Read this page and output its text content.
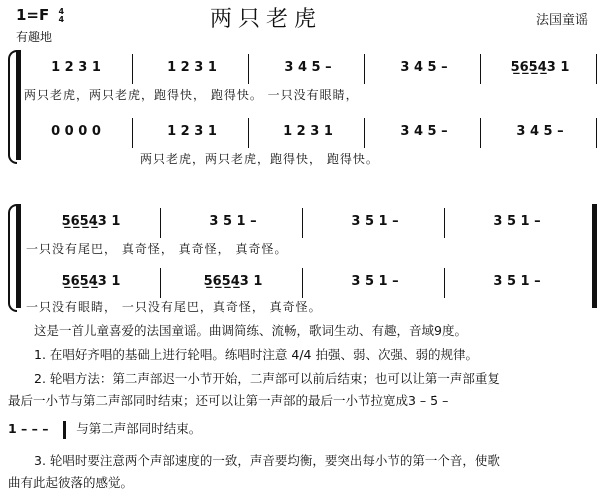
1=F 4
4	两只老虎	法国童谣
有趣地
1 2 3 1	1 2 3 1	3 4 5 –	3 4 5 –	5̲6̲5̲4̲3 1
两只老虎，两只老虎，跑得快， 跑得快。 一只没有眼睛，
0 0 0 0	1 2 3 1	1 2 3 1	3 4 5 –	3 4 5 –
两只老虎，两只老虎，跑得快， 跑得快。
5̲6̲5̲4̲3 1	3 5 1 –	3 5 1 –	3 5 1 –
一只没有尾巴， 真奇怪， 真奇怪， 真奇怪。
5̲6̲5̲4̲3 1	5̲6̲5̲4̲3 1	3 5 1 –	3 5 1 –
一只没有眼睛， 一只没有尾巴，真奇怪， 真奇怪。
这是一首儿童喜爱的法国童谣。曲调简练、流畅，歌词生动、有趣，音域9度。
1. 在唱好齐唱的基础上进行轮唱。练唱时注意 4/4 拍强、弱、次强、弱的规律。
2. 轮唱方法：第二声部迟一小节开始，二声部可以前后结束；也可以让第一声部重复
最后一小节与第二声部同时结束；还可以让第一声部的最后一小节拉宽成3 – 5̇ –
1 – – – 与第二声部同时结束。
3. 轮唱时要注意两个声部速度的一致，声音要均衡，要突出每小节的第一个音，使歌
曲有此起彼落的感觉。
